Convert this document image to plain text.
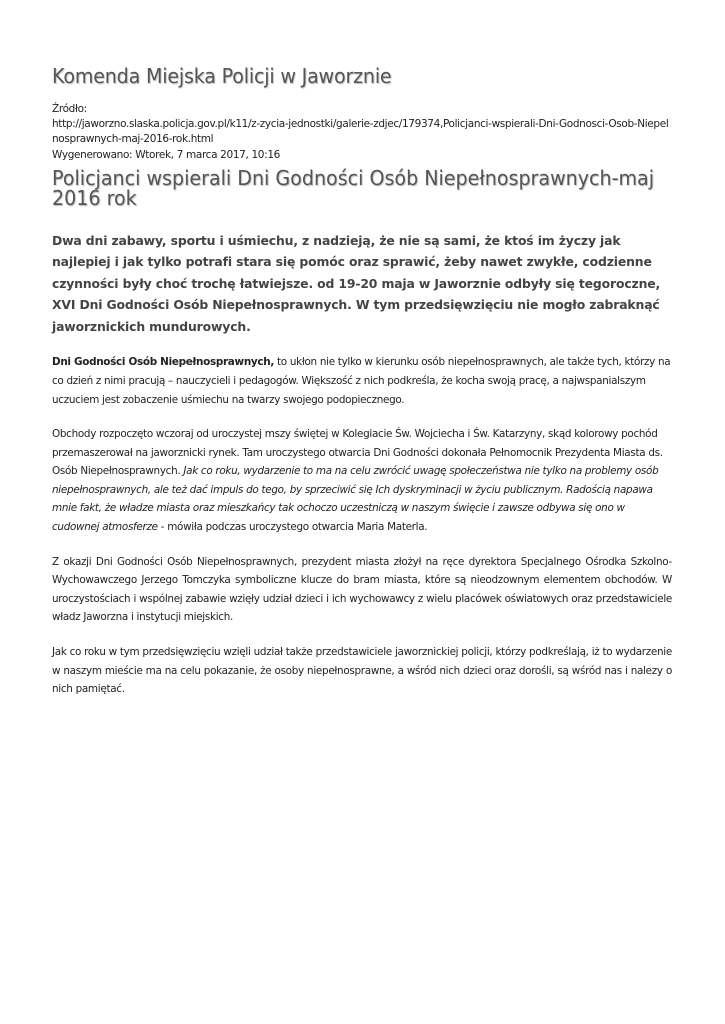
Komenda Miejska Policji w Jaworznie
Źródło:
http://jaworzno.slaska.policja.gov.pl/k11/z-zycia-jednostki/galerie-zdjec/179374,Policjanci-wspierali-Dni-Godnosci-Osob-Niepel
nosprawnych-maj-2016-rok.html
Wygenerowano: Wtorek, 7 marca 2017, 10:16
Policjanci wspierali Dni Godności Osób Niepełnosprawnych-maj 2016 rok
Dwa dni zabawy, sportu i uśmiechu, z nadzieją, że nie są sami, że ktoś im życzy jak najlepiej i jak tylko potrafi stara się pomóc oraz sprawić, żeby nawet zwykłe, codzienne czynności były choć trochę łatwiejsze. od 19-20 maja w Jaworznie odbyły się tegoroczne, XVI Dni Godności Osób Niepełnosprawnych. W tym przedsięwzięciu nie mogło zabraknąć jaworznickich mundurowych.
Dni Godności Osób Niepełnosprawnych, to ukłon nie tylko w kierunku osób niepełnosprawnych, ale także tych, którzy na co dzień z nimi pracują – nauczycieli i pedagogów. Większość z nich podkreśla, że kocha swoją pracę, a najwspanialszym uczuciem jest zobaczenie uśmiechu na twarzy swojego podopiecznego.
Obchody rozpoczęto wczoraj od uroczystej mszy świętej w Kolegiacie Św. Wojciecha i Św. Katarzyny, skąd kolorowy pochód przemaszerował na jaworznicki rynek. Tam uroczystego otwarcia Dni Godności dokonała Pełnomocnik Prezydenta Miasta ds. Osób Niepełnosprawnych. Jak co roku, wydarzenie to ma na celu zwrócić uwagę społeczeństwa nie tylko na problemy osób niepełnosprawnych, ale też dać impuls do tego, by sprzeciwić się Ich dyskryminacji w życiu publicznym. Radością napawa mnie fakt, że władze miasta oraz mieszkańcy tak ochoczo uczestniczą w naszym święcie i zawsze odbywa się ono w cudownej atmosferze - mówiła podczas uroczystego otwarcia Maria Materla.
Z okazji Dni Godności Osób Niepełnosprawnych, prezydent miasta złożył na ręce dyrektora Specjalnego Ośrodka Szkolno-Wychowawczego Jerzego Tomczyka symboliczne klucze do bram miasta, które są nieodzownym elementem obchodów. W uroczystościach i wspólnej zabawie wzięły udział dzieci i ich wychowawcy z wielu placówek oświatowych oraz przedstawiciele władz Jaworzna i instytucji miejskich.
Jak co roku w tym przedsięwzięciu wzięli udział także przedstawiciele jaworznickiej policji, którzy podkreślają, iż to wydarzenie w naszym mieście ma na celu pokazanie, że osoby niepełnosprawne, a wśród nich dzieci oraz dorośli, są wśród nas i nalezy o nich pamiętać.
